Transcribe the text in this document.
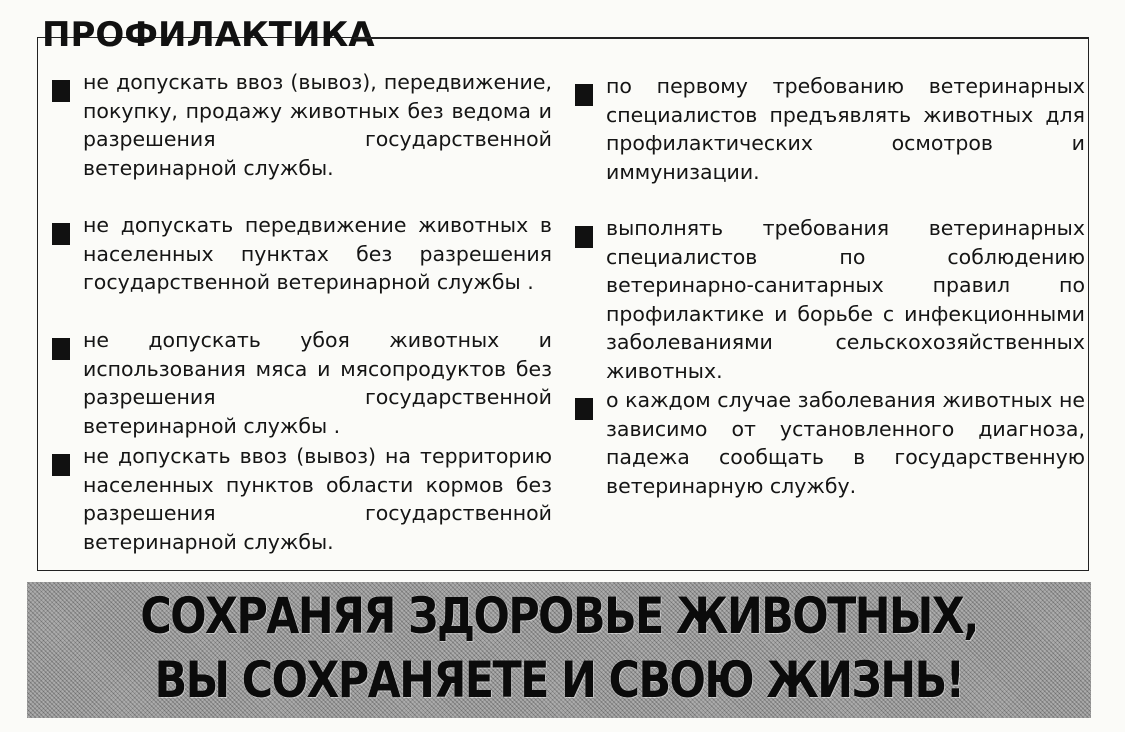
ПРОФИЛАКТИКА
не допускать ввоз (вывоз), передвижение, покупку, продажу животных без ведома и разрешения государственной ветеринарной службы.
не допускать передвижение животных в населенных пунктах без разрешения государственной ветеринарной службы .
не допускать убоя животных и использования мяса и мясопродуктов без разрешения государственной ветеринарной службы .
не допускать ввоз (вывоз) на территорию населенных пунктов области кормов без разрешения государственной ветеринарной службы.
по первому требованию ветеринарных специалистов предъявлять животных для профилактических осмотров и иммунизации.
выполнять требования ветеринарных специалистов по соблюдению ветеринарно-санитарных правил по профилактике и борьбе с инфекционными заболеваниями сельскохозяйственных животных.
о каждом случае заболевания животных не зависимо от установленного диагноза, падежа сообщать в государственную ветеринарную службу.
СОХРАНЯЯ ЗДОРОВЬЕ ЖИВОТНЫХ,
ВЫ СОХРАНЯЕТЕ И СВОЮ ЖИЗНЬ!
